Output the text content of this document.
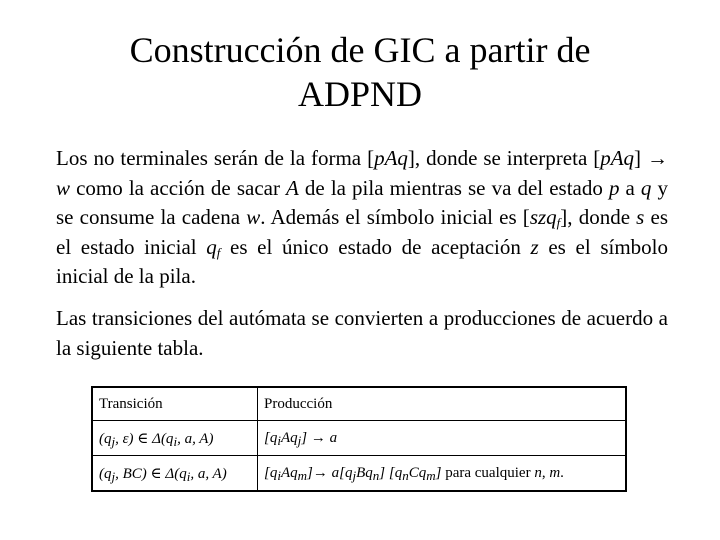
Construcción de GIC a partir de
ADPND
Los no terminales serán de la forma [pAq], donde se interpreta [pAq] → w como la acción de sacar A de la pila mientras se va del estado p a q y se consume la cadena w. Además el símbolo inicial es [szq$_f$], donde s es el estado inicial $q_f$ es el único estado de aceptación z es el símbolo inicial de la pila.
Las transiciones del autómata se convierten a producciones de acuerdo a la siguiente tabla.
Transición	Producción
($q_j$, ε) ∈ $\Delta(q_i$, a, A)	$[q_iAq_j] \to a$
($q_j$, BC) ∈ $\Delta(q_i$, a, A)	$[q_iAq_m]\to a[q_jBq_n]$ $[q_nCq_m]$ para cualquier n, m.
